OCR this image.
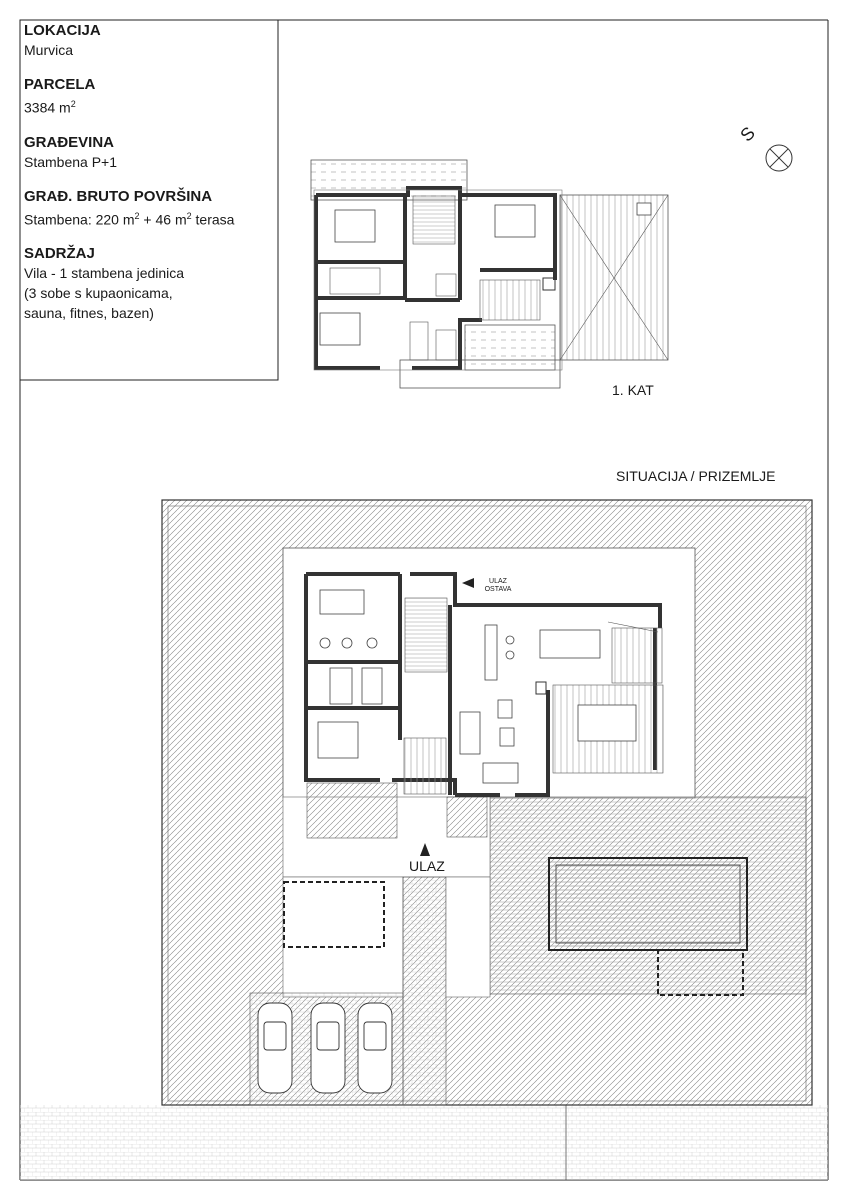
LOKACIJA
Murvica
PARCELA
3384 $m^2$
GRAĐEVINA
Stambena P+1
GRAĐ. BRUTO POVRŠINA
Stambena: 220 $m^2 + 46$ $m^2$ terasa
SADRŽAJ
Vila - 1 stambena jedinica
(3 sobe s kupaonicama,
sauna, fitnes, bazen)
1. KAT
SITUACIJA / PRIZEMLJE
ULAZ
ULAZ
OSTAVA
S
